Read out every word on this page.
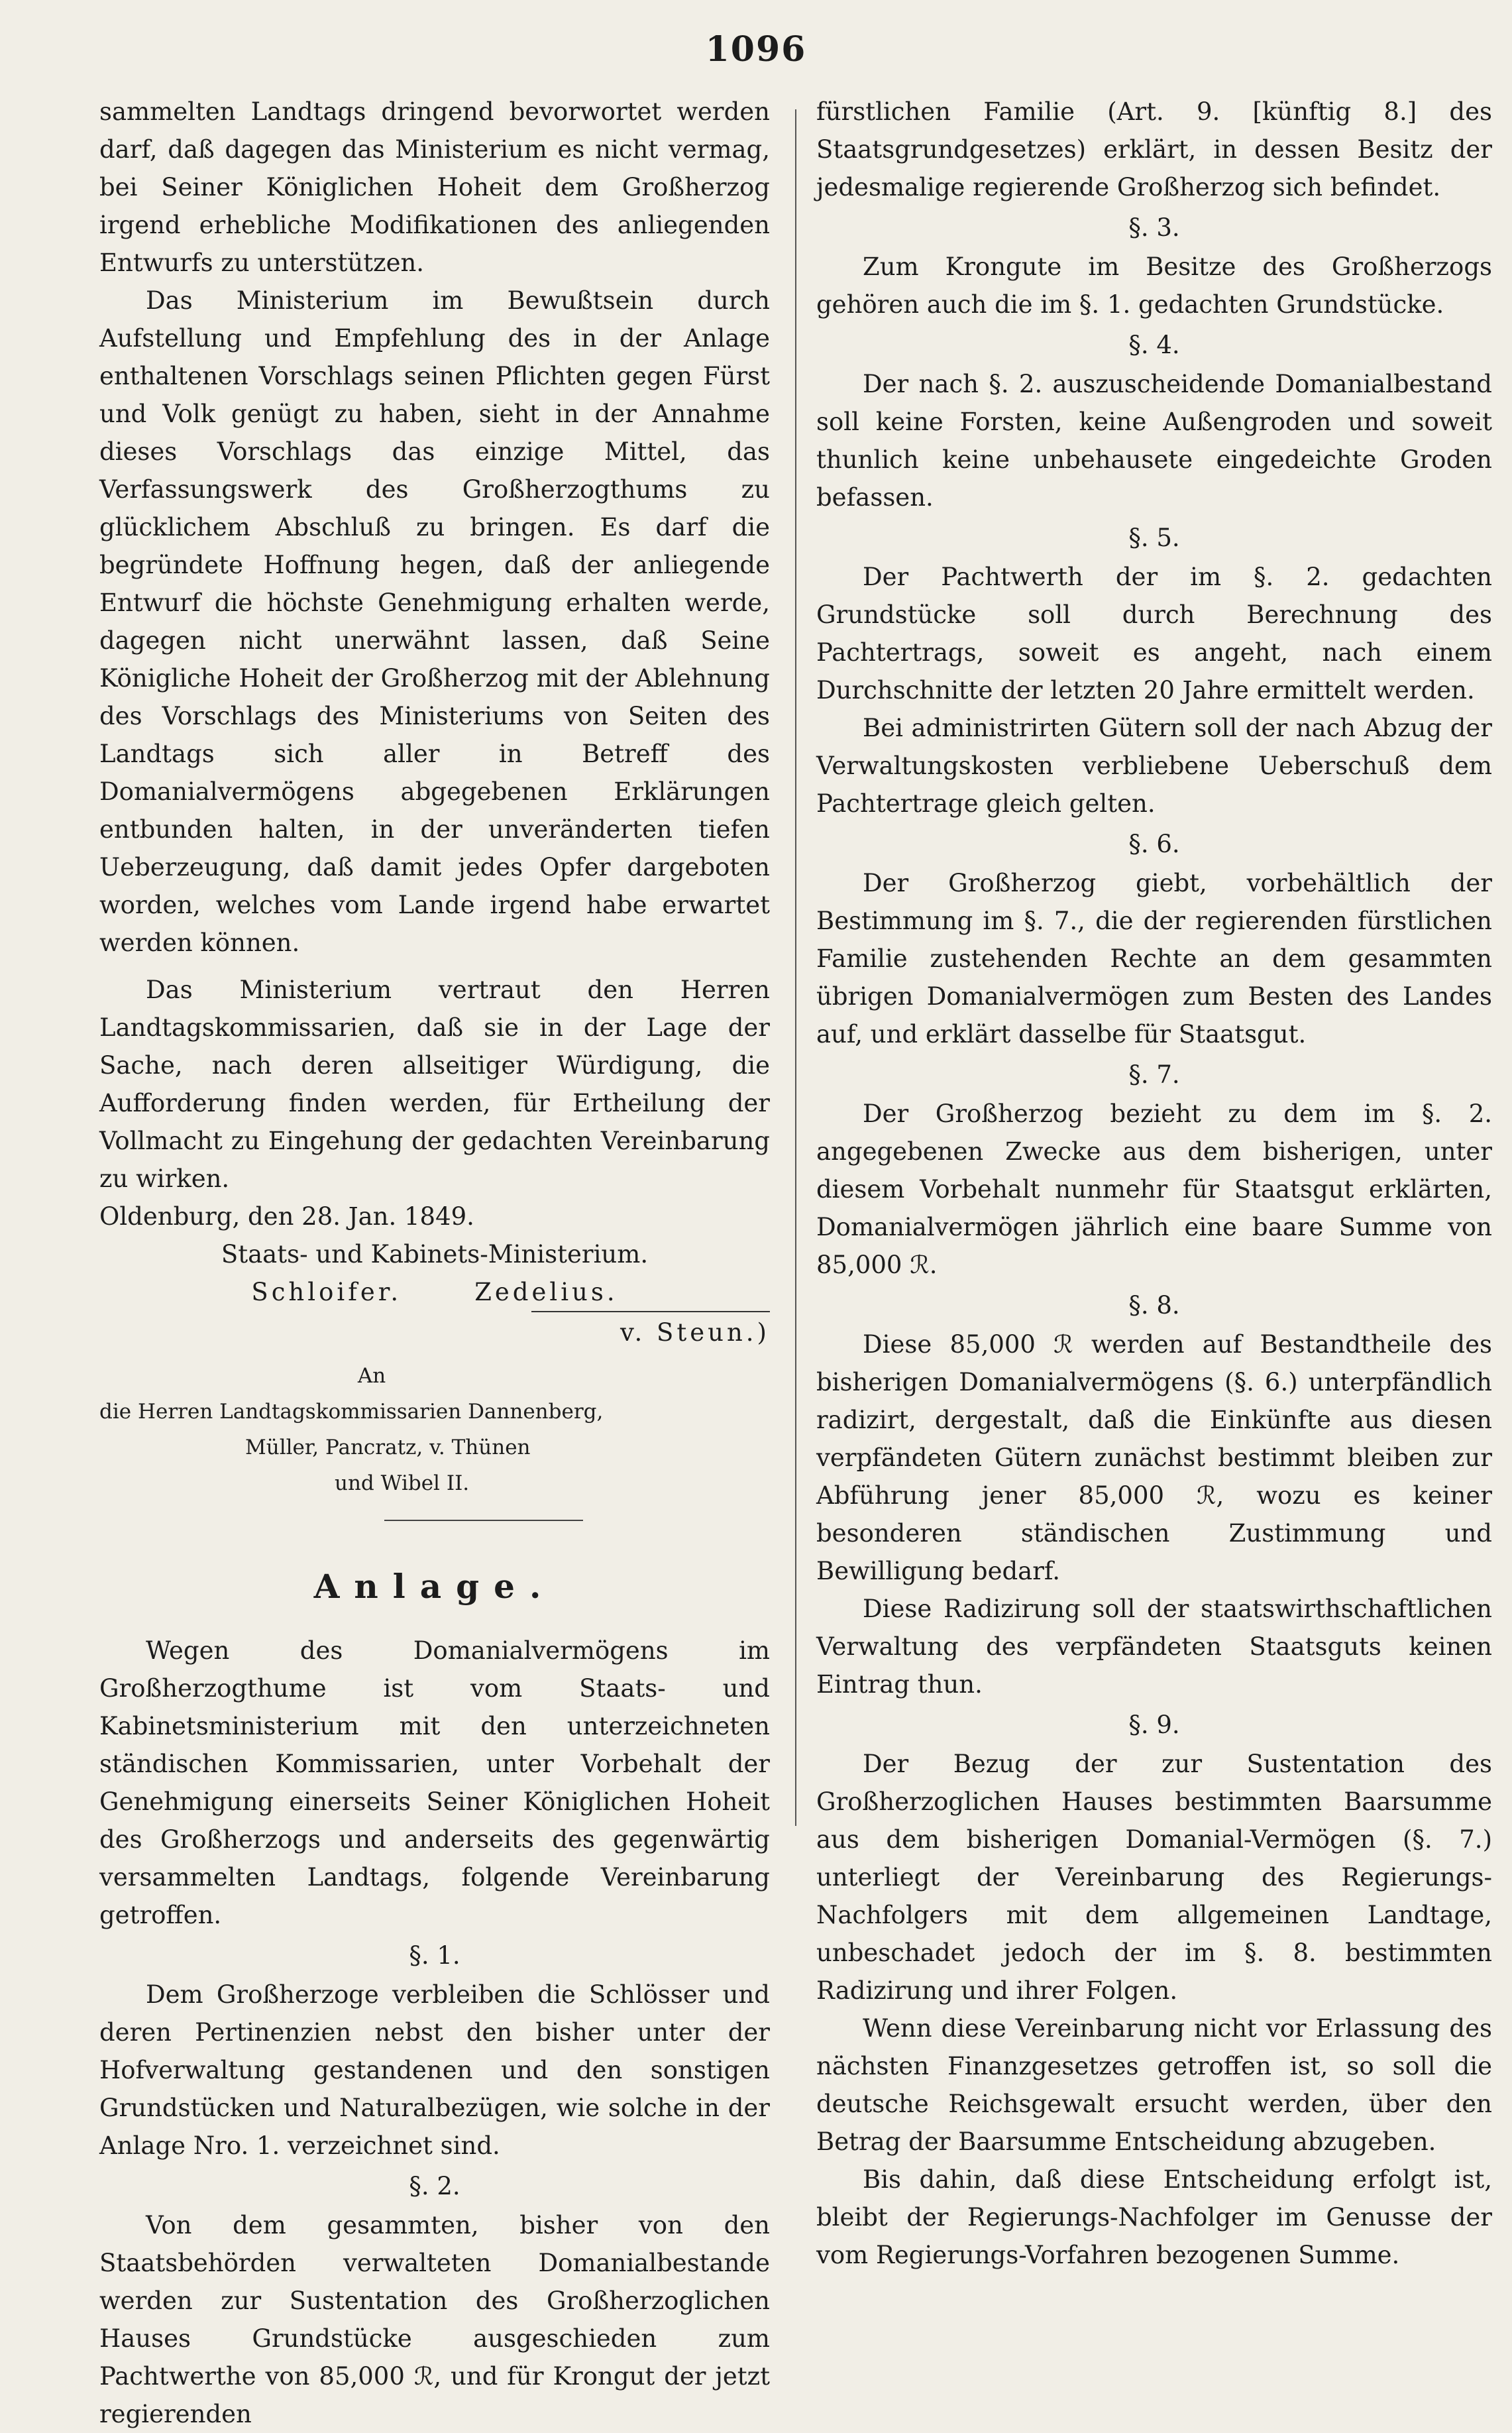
1096

sammelten Landtags dringend bevorwortet werden darf, daß dagegen das Ministerium es nicht vermag, bei Seiner Königlichen Hoheit dem Großherzog irgend erhebliche Modifikationen des anliegenden Entwurfs zu unterstützen.

Das Ministerium im Bewußtsein durch Aufstellung und Empfehlung des in der Anlage enthaltenen Vorschlags seinen Pflichten gegen Fürst und Volk genügt zu haben, sieht in der Annahme dieses Vorschlags das einzige Mittel, das Verfassungswerk des Großherzogthums zu glücklichem Abschluß zu bringen. Es darf die begründete Hoffnung hegen, daß der anliegende Entwurf die höchste Genehmigung erhalten werde, dagegen nicht unerwähnt lassen, daß Seine Königliche Hoheit der Großherzog mit der Ablehnung des Vorschlags des Ministeriums von Seiten des Landtags sich aller in Betreff des Domanialvermögens abgegebenen Erklärungen entbunden halten, in der unveränderten tiefen Ueberzeugung, daß damit jedes Opfer dargeboten worden, welches vom Lande irgend habe erwartet werden können.

Das Ministerium vertraut den Herren Landtagskommissarien, daß sie in der Lage der Sache, nach deren allseitiger Würdigung, die Aufforderung finden werden, für Ertheilung der Vollmacht zu Eingehung der gedachten Vereinbarung zu wirken.

Oldenburg, den 28. Jan. 1849.

Staats- und Kabinets-Ministerium.

Schloifer.	Zedelius.
v. Steun.)
An
die Herren Landtagskommissarien Dannenberg,
Müller, Pancratz, v. Thünen
und Wibel II.
Anlage.

Wegen des Domanialvermögens im Großherzogthume ist vom Staats- und Kabinetsministerium mit den unterzeichneten ständischen Kommissarien, unter Vorbehalt der Genehmigung einerseits Seiner Königlichen Hoheit des Großherzogs und anderseits des gegenwärtig versammelten Landtags, folgende Vereinbarung getroffen.

§. 1.

Dem Großherzoge verbleiben die Schlösser und deren Pertinenzien nebst den bisher unter der Hofverwaltung gestandenen und den sonstigen Grundstücken und Naturalbezügen, wie solche in der Anlage Nro. 1. verzeichnet sind.

§. 2.

Von dem gesammten, bisher von den Staatsbehörden verwalteten Domanialbestande werden zur Sustentation des Großherzoglichen Hauses Grundstücke ausgeschieden zum Pachtwerthe von 85,000 ℛ, und für Krongut der jetzt regierenden

fürstlichen Familie (Art. 9. [künftig 8.] des Staatsgrundgesetzes) erklärt, in dessen Besitz der jedesmalige regierende Großherzog sich befindet.

§. 3.

Zum Krongute im Besitze des Großherzogs gehören auch die im §. 1. gedachten Grundstücke.

§. 4.

Der nach §. 2. auszuscheidende Domanialbestand soll keine Forsten, keine Außengroden und soweit thunlich keine unbehausete eingedeichte Groden befassen.

§. 5.

Der Pachtwerth der im §. 2. gedachten Grundstücke soll durch Berechnung des Pachtertrags, soweit es angeht, nach einem Durchschnitte der letzten 20 Jahre ermittelt werden.

Bei administrirten Gütern soll der nach Abzug der Verwaltungskosten verbliebene Ueberschuß dem Pachtertrage gleich gelten.

§. 6.

Der Großherzog giebt, vorbehältlich der Bestimmung im §. 7., die der regierenden fürstlichen Familie zustehenden Rechte an dem gesammten übrigen Domanialvermögen zum Besten des Landes auf, und erklärt dasselbe für Staatsgut.

§. 7.

Der Großherzog bezieht zu dem im §. 2. angegebenen Zwecke aus dem bisherigen, unter diesem Vorbehalt nunmehr für Staatsgut erklärten, Domanialvermögen jährlich eine baare Summe von 85,000 ℛ.

§. 8.

Diese 85,000 ℛ werden auf Bestandtheile des bisherigen Domanialvermögens (§. 6.) unterpfändlich radizirt, dergestalt, daß die Einkünfte aus diesen verpfändeten Gütern zunächst bestimmt bleiben zur Abführung jener 85,000 ℛ, wozu es keiner besonderen ständischen Zustimmung und Bewilligung bedarf.

Diese Radizirung soll der staatswirthschaftlichen Verwaltung des verpfändeten Staatsguts keinen Eintrag thun.

§. 9.

Der Bezug der zur Sustentation des Großherzoglichen Hauses bestimmten Baarsumme aus dem bisherigen Domanial-Vermögen (§. 7.) unterliegt der Vereinbarung des Regierungs-Nachfolgers mit dem allgemeinen Landtage, unbeschadet jedoch der im §. 8. bestimmten Radizirung und ihrer Folgen.

Wenn diese Vereinbarung nicht vor Erlassung des nächsten Finanzgesetzes getroffen ist, so soll die deutsche Reichsgewalt ersucht werden, über den Betrag der Baarsumme Entscheidung abzugeben.

Bis dahin, daß diese Entscheidung erfolgt ist, bleibt der Regierungs-Nachfolger im Genusse der vom Regierungs-Vorfahren bezogenen Summe.
